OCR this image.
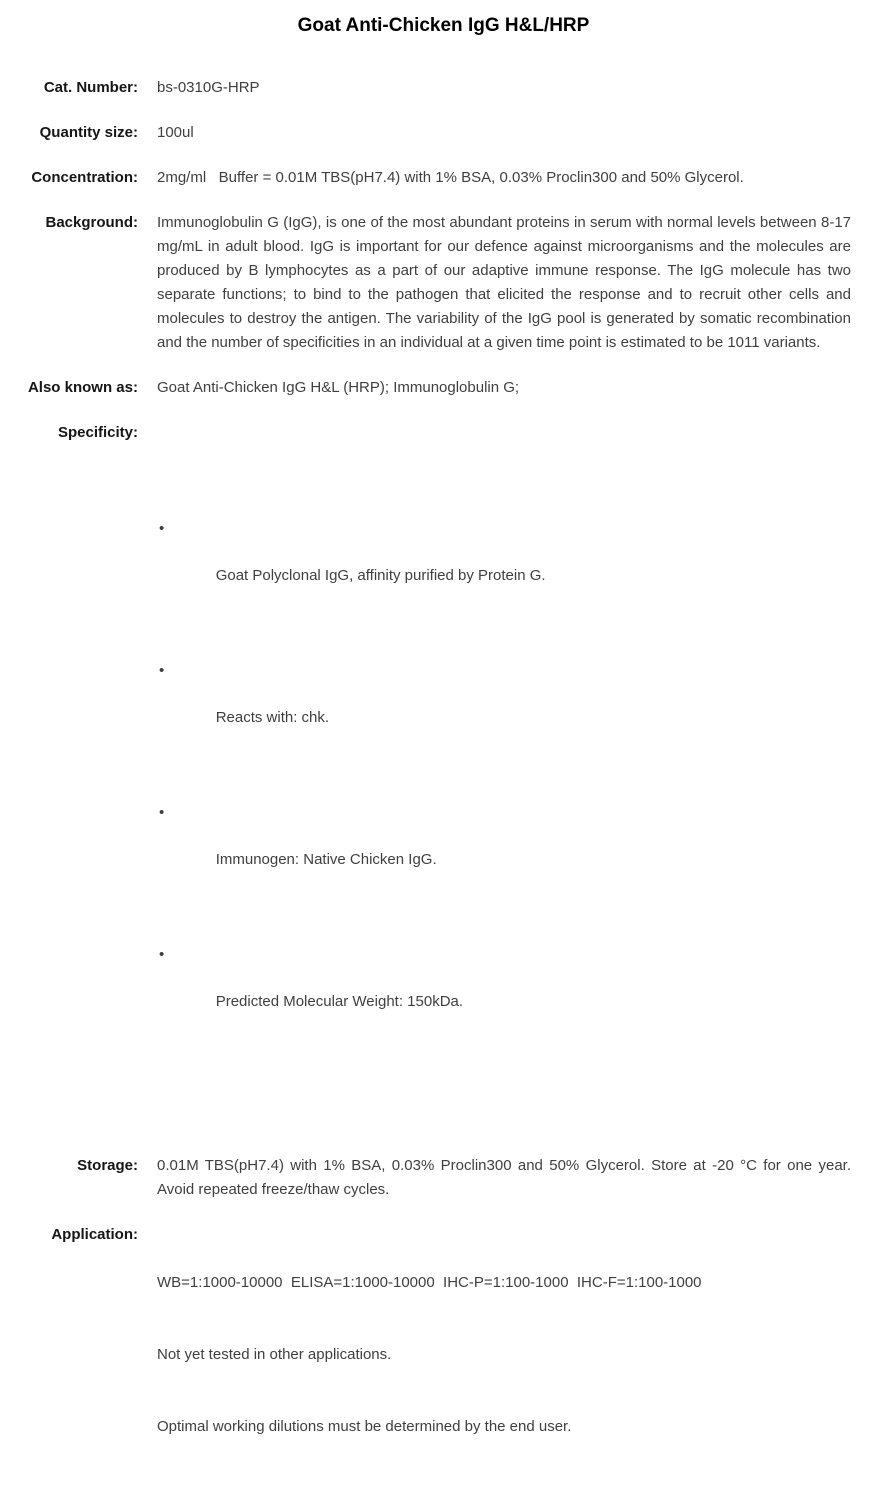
Goat Anti-Chicken IgG H&L/HRP
Cat. Number: bs-0310G-HRP
Quantity size: 100ul
Concentration: 2mg/ml   Buffer = 0.01M TBS(pH7.4) with 1% BSA, 0.03% Proclin300 and 50% Glycerol.
Background: Immunoglobulin G (IgG), is one of the most abundant proteins in serum with normal levels between 8-17 mg/mL in adult blood. IgG is important for our defence against microorganisms and the molecules are produced by B lymphocytes as a part of our adaptive immune response. The IgG molecule has two separate functions; to bind to the pathogen that elicited the response and to recruit other cells and molecules to destroy the antigen. The variability of the IgG pool is generated by somatic recombination and the number of specificities in an individual at a given time point is estimated to be 1011 variants.
Also known as: Goat Anti-Chicken IgG H&L (HRP); Immunoglobulin G;
Specificity:

•

Goat Polyclonal IgG, affinity purified by Protein G.

•

Reacts with: chk.

•

Immunogen: Native Chicken IgG.

•

Predicted Molecular Weight: 150kDa.

Storage: 0.01M TBS(pH7.4) with 1% BSA, 0.03% Proclin300 and 50% Glycerol. Store at -20 °C for one year. Avoid repeated freeze/thaw cycles.
Application:

WB=1:1000-10000  ELISA=1:1000-10000  IHC-P=1:100-1000  IHC-F=1:100-1000

Not yet tested in other applications.

Optimal working dilutions must be determined by the end user.
